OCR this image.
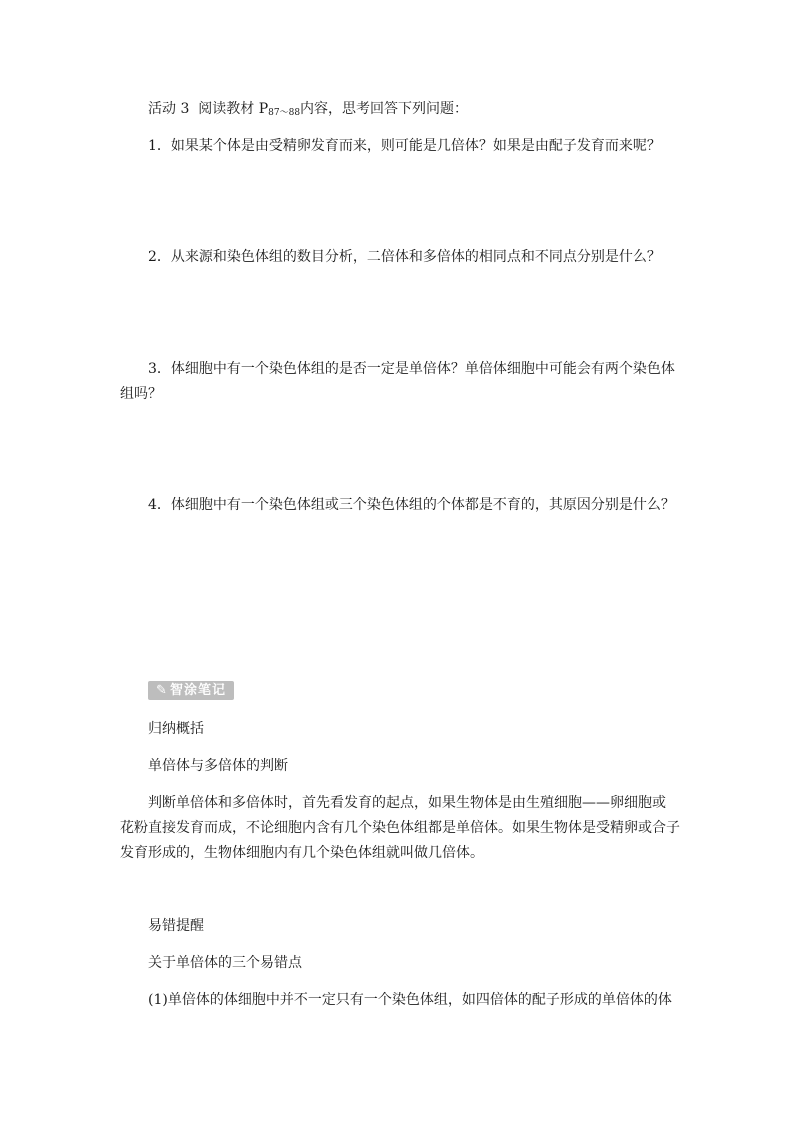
活动 3 阅读教材 $P_{87\sim 88}$内容，思考回答下列问题：
1．如果某个体是由受精卵发育而来，则可能是几倍体？如果是由配子发育而来呢？
2．从来源和染色体组的数目分析，二倍体和多倍体的相同点和不同点分别是什么？
3．体细胞中有一个染色体组的是否一定是单倍体？单倍体细胞中可能会有两个染色体
组吗？
4．体细胞中有一个染色体组或三个染色体组的个体都是不育的，其原因分别是什么？
✎ 智涂笔记
归纳概括
单倍体与多倍体的判断
判断单倍体和多倍体时，首先看发育的起点，如果生物体是由生殖细胞——卵细胞或
花粉直接发育而成，不论细胞内含有几个染色体组都是单倍体。如果生物体是受精卵或合子
发育形成的，生物体细胞内有几个染色体组就叫做几倍体。
易错提醒
关于单倍体的三个易错点
(1)单倍体的体细胞中并不一定只有一个染色体组，如四倍体的配子形成的单倍体的体
